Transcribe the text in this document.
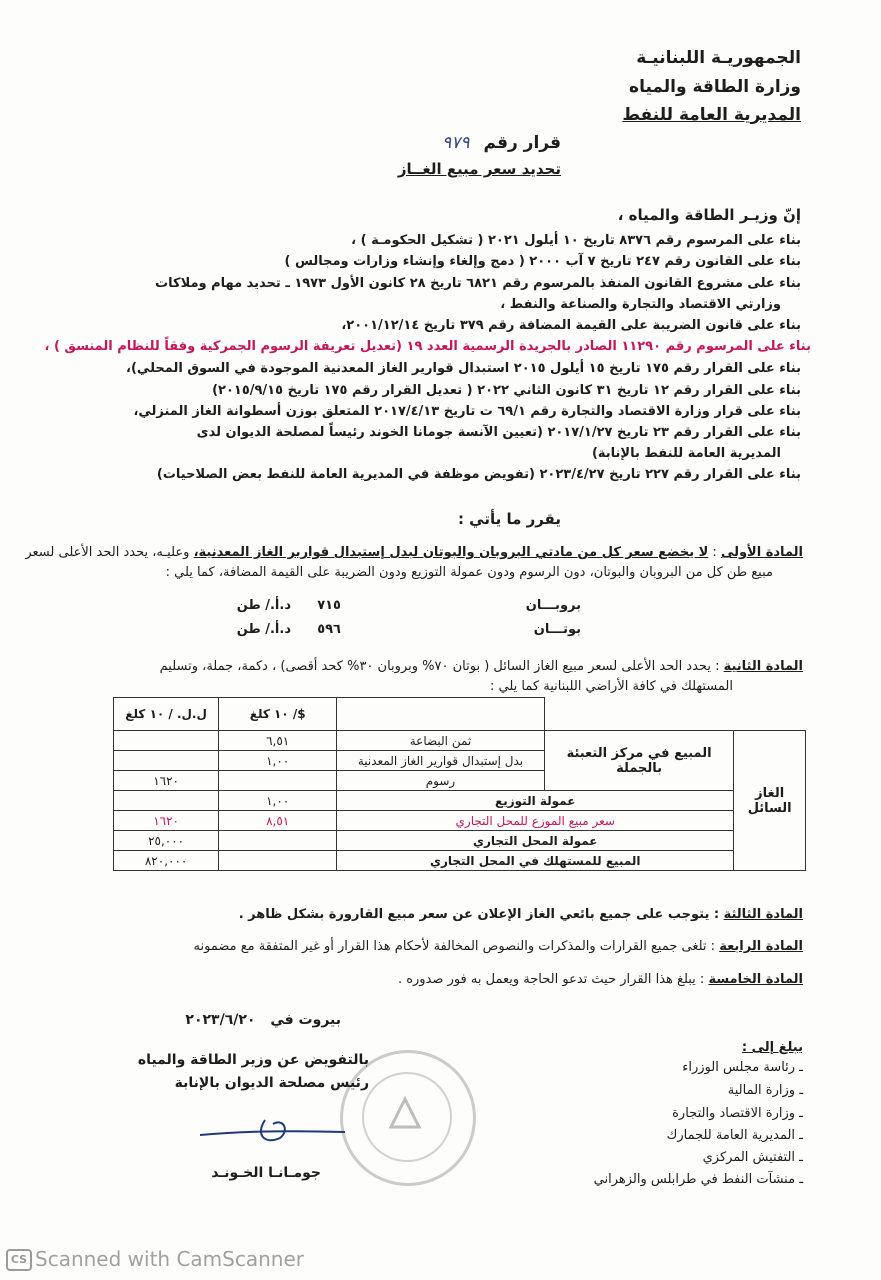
الجمهوريـة اللبنانيـة
وزارة الطاقة والمياه
المديرية العامة للنفط
قرار رقم ٩٧٩
تحديد سعر مبيع الغــاز
إنّ وزيـر الطاقة والمياه ،
بناء على المرسوم رقم ٨٣٧٦ تاريخ ١٠ أيلول ٢٠٢١ ( تشكيل الحكومـة ) ،
بناء على القانون رقم ٢٤٧ تاريخ ٧ آب ٢٠٠٠ ( دمج وإلغاء وإنشاء وزارات ومجالس )
بناء على مشروع القانون المنفذ بالمرسوم رقم ٦٨٢١ تاريخ ٢٨ كانون الأول ١٩٧٣ ـ تحديد مهام وملاكات
وزارتي الاقتصاد والتجارة والصناعة والنفط ،
بناء على قانون الضريبة على القيمة المضافة رقم ٣٧٩ تاريخ ٢٠٠١/١٢/١٤،
بناء على المرسوم رقم ١١٢٩٠ الصادر بالجريدة الرسمية العدد ١٩ (تعديل تعريفة الرسوم الجمركية وفقاً للنظام المنسق ) ،
بناء على القرار رقم ١٧٥ تاريخ ١٥ أيلول ٢٠١٥ استبدال قوارير الغاز المعدنية الموجودة في السوق المحلي)،
بناء على القرار رقم ١٢ تاريخ ٣١ كانون الثاني ٢٠٢٢ ( تعديل القرار رقم ١٧٥ تاريخ ٢٠١٥/٩/١٥)
بناء على قرار وزارة الاقتصاد والتجارة رقم ٦٩/١ ت تاريخ ٢٠١٧/٤/١٣ المتعلق بوزن أسطوانة الغاز المنزلي،
بناء على القرار رقم ٢٣ تاريخ ٢٠١٧/١/٢٧ (تعيين الآنسة جومانا الخوند رئيساً لمصلحة الديوان لدى
المديرية العامة للنفط بالإنابة)
بناء على القرار رقم ٢٢٧ تاريخ ٢٠٢٣/٤/٢٧ (تفويض موظفة في المديرية العامة للنفط بعض الصلاحيات)
يقرر ما يأتي :
المادة الأولى : لا يخضع سعر كل من مادتي البروبان والبوتان لبدل إستبدال قوارير الغاز المعدنية، وعليـه، يحدد الحد الأعلى لسعر
مبيع طن كل من البروبان والبوتان، دون الرسوم ودون عمولة التوزيع ودون الضريبة على القيمة المضافة، كما يلي :
بروبـــان
٧١٥
د.أ./ طن
بوتـــان
٥٩٦
د.أ./ طن
المادة الثانية : يحدد الحد الأعلى لسعر مبيع الغاز السائل ( بوتان ٧٠% وبروبان ٣٠% كحد أقصى) ، دكمة، جملة، وتسليم
المستهلك في كافة الأراضي اللبنانية كما يلي :
			$/ ١٠ كلغ	ل.ل. / ١٠ كلغ
الغاز السائل	المبيع في مركز التعبئة بالجملة	ثمن البضاعة	٦,٥١	
		بدل إستبدال قوارير الغاز المعدنية	١,٠٠	
		رسوم		١٦٢٠
	عمولة التوزيع		١,٠٠	
	سعر مبيع الموزع للمحل التجاري		٨,٥١	١٦٢٠
	عمولة المحل التجاري			٢٥,٠٠٠
	المبيع للمستهلك في المحل التجاري			٨٢٠,٠٠٠
المادة الثالثة : يتوجب على جميع بائعي الغاز الإعلان عن سعر مبيع القارورة بشكل ظاهر .
المادة الرابعة : تلغى جميع القرارات والمذكرات والنصوص المخالفة لأحكام هذا القرار أو غير المتفقة مع مضمونه
المادة الخامسة : يبلغ هذا القرار حيث تدعو الحاجة ويعمل به فور صدوره .
بيروت في ٢٠٢٣/٦/٢٠
يبلغ إلى :
ـ رئاسة مجلس الوزراء
ـ وزارة المالية
ـ وزارة الاقتصاد والتجارة
ـ المديرية العامة للجمارك
ـ التفتيش المركزي
ـ منشآت النفط في طرابلس والزهراني
بالتفويض عن وزير الطاقة والمياه
رئيس مصلحة الديوان بالإنابة
جومـانـا الخـونـد
CS Scanned with CamScanner
